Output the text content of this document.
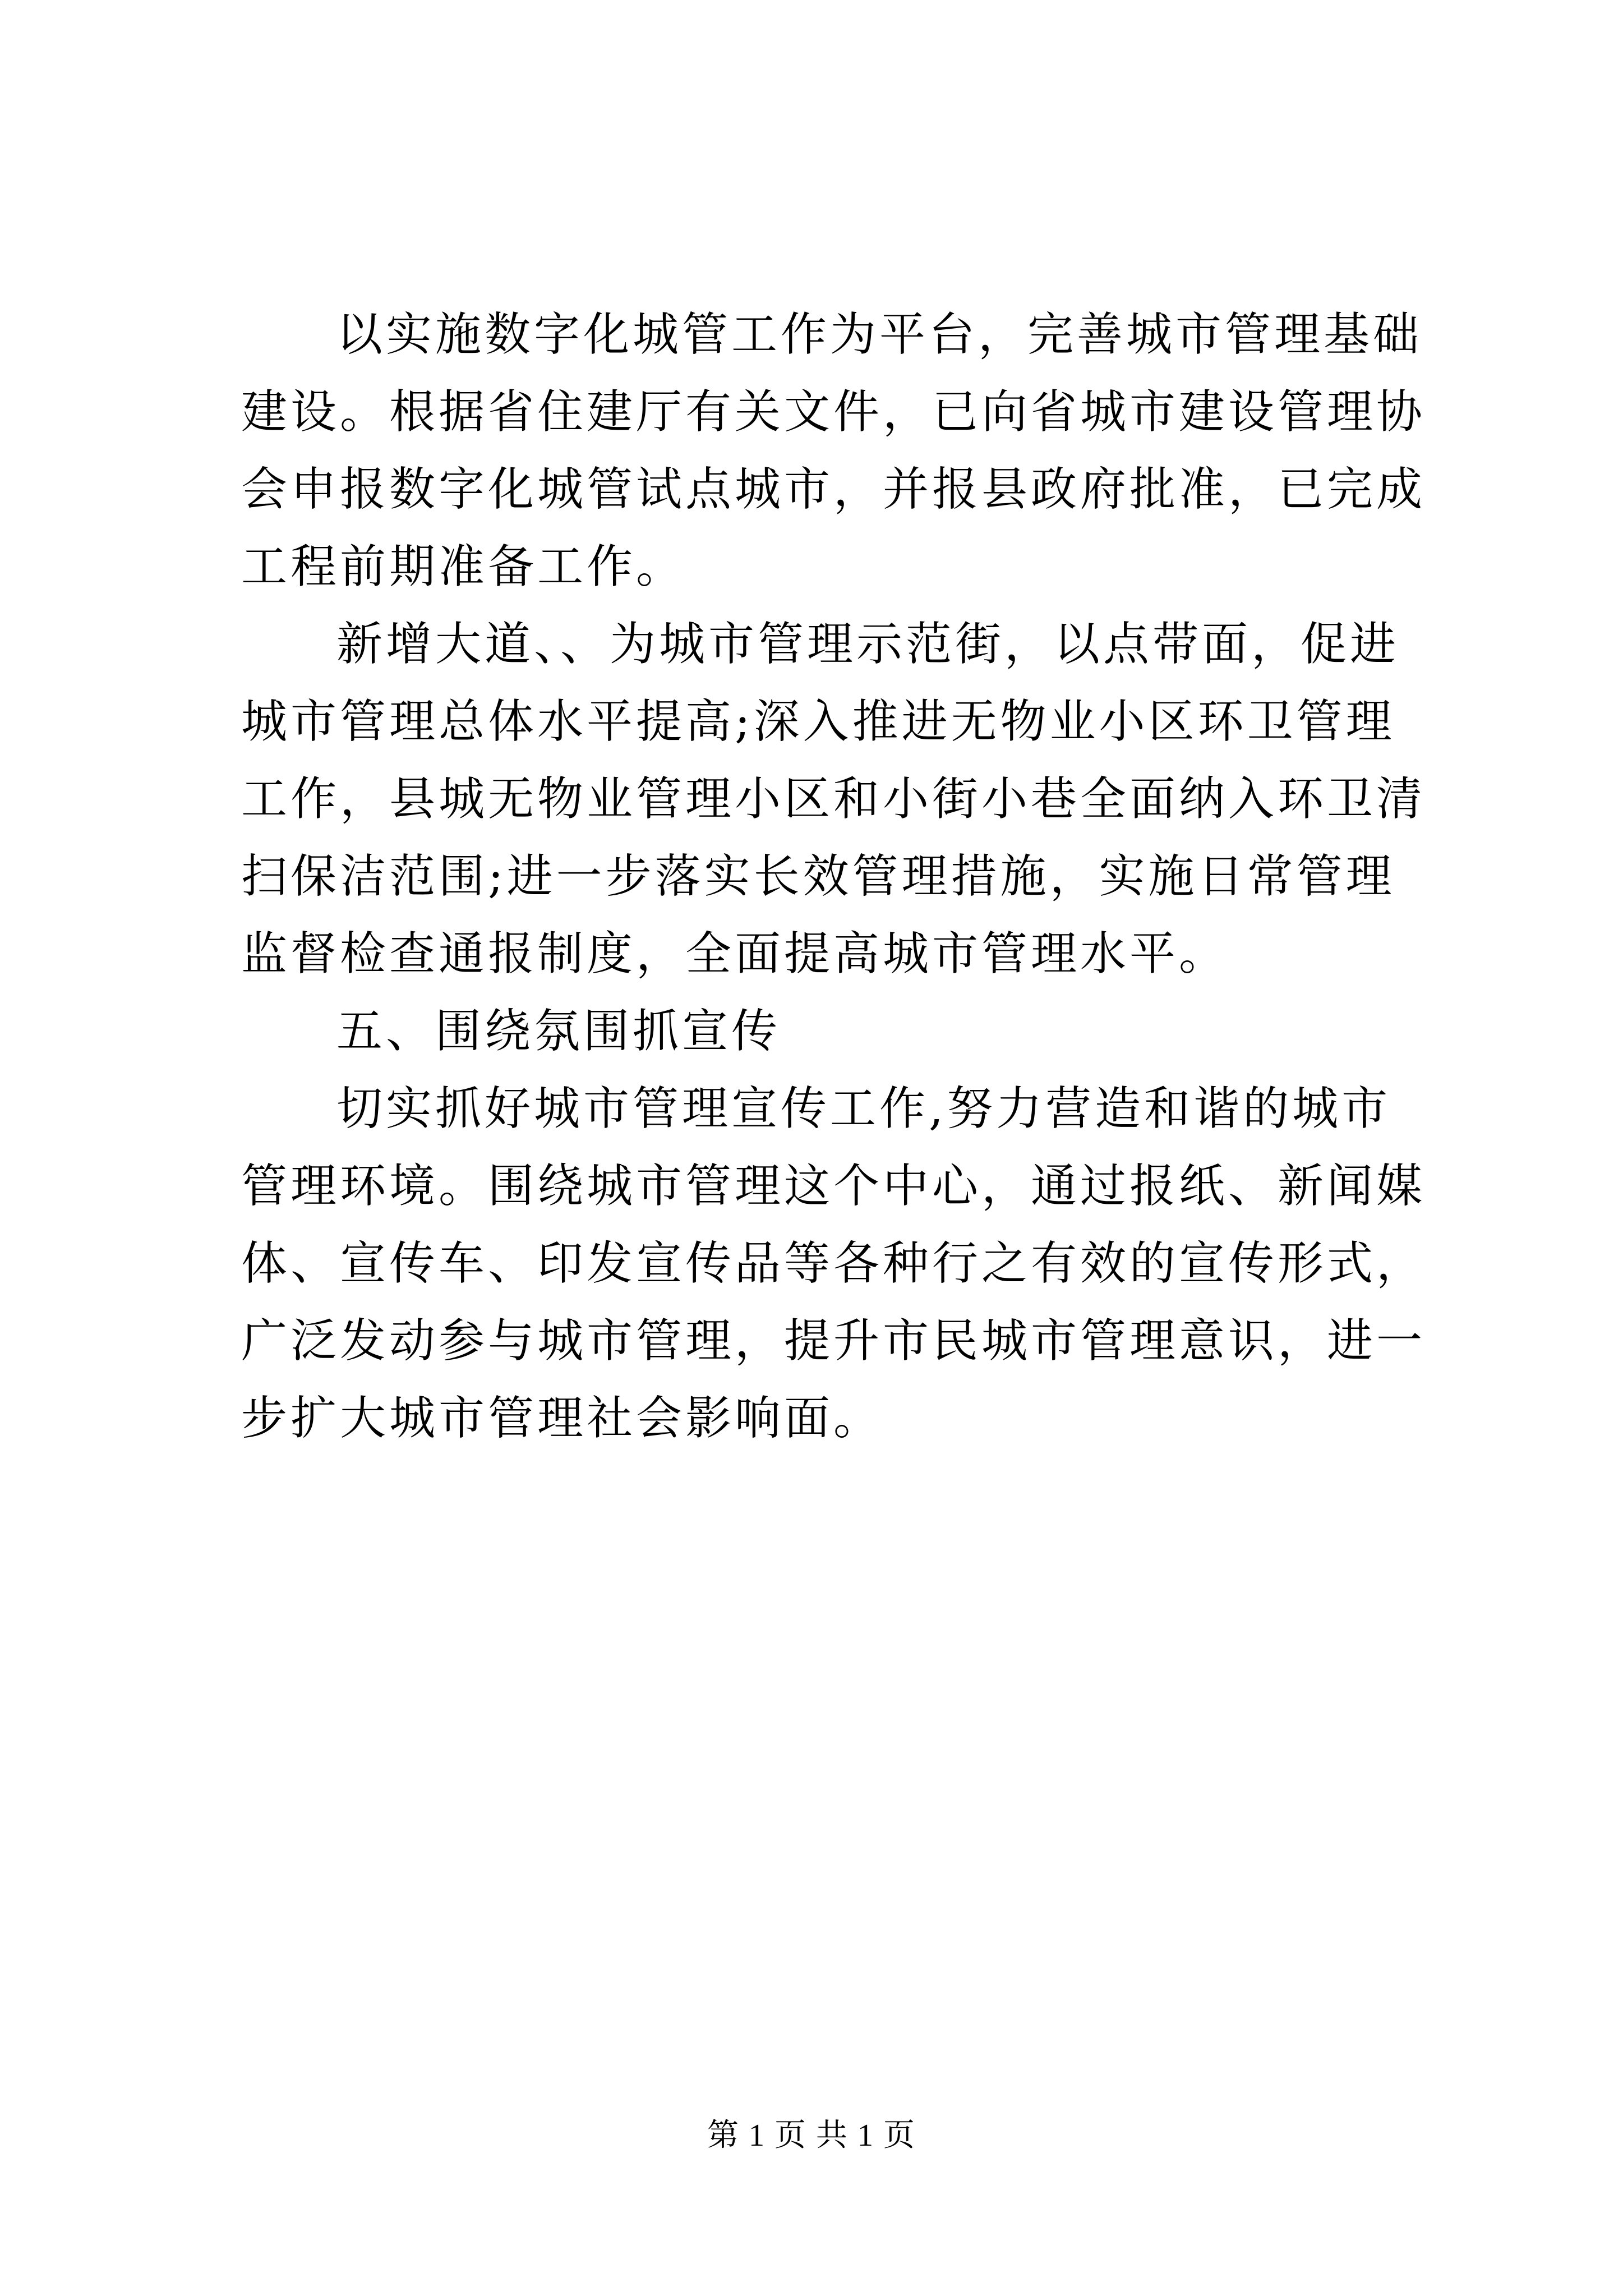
以实施数字化城管工作为平台，完善城市管理基础建设。根据省住建厅有关文件，已向省城市建设管理协会申报数字化城管试点城市，并报县政府批准，已完成工程前期准备工作。

新增大道、、为城市管理示范街，以点带面，促进城市管理总体水平提高;深入推进无物业小区环卫管理工作，县城无物业管理小区和小街小巷全面纳入环卫清扫保洁范围;进一步落实长效管理措施，实施日常管理监督检查通报制度，全面提高城市管理水平。

五、围绕氛围抓宣传

切实抓好城市管理宣传工作,努力营造和谐的城市管理环境。围绕城市管理这个中心，通过报纸、新闻媒体、宣传车、印发宣传品等各种行之有效的宣传形式，广泛发动参与城市管理，提升市民城市管理意识，进一步扩大城市管理社会影响面。

第 1 页 共 1 页
